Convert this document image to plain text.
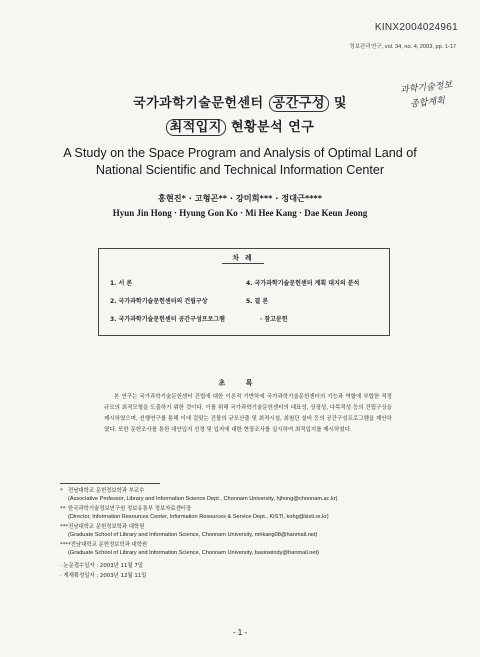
KINX2004024961
정보관리연구, vol. 34, no. 4, 2003, pp. 1-17
국가과학기술문헌센터 공간구성 및
최적입지 현황분석 연구
과학기술정보
종합계획
A Study on the Space Program and Analysis of Optimal Land of
National Scientific and Technical Information Center
홍현진* · 고형곤** · 강미희*** · 정대근****
Hyun Jin Hong · Hyung Gon Ko · Mi Hee Kang · Dae Keun Jeong
차 례
1. 서 론	4. 국가과학기술문헌센터 계획 대지의 분석
2. 국가과학기술문헌센터의 건립구상	5. 결 론
3. 국가과학기술문헌센터 공간구성프로그램	· 참고문헌
초 록
본 연구는 국가과학기술문헌센터 건립에 대한 이론적 기반하에 국가과학기술문헌센터의 기능과 역할에 부합한 적정규모의 최적모형을 도출하기 위한 것이다. 이를 위해 국가과학기술문헌센터의 대표성, 상징성, 다목적성 등의 건립구상을 제시하였으며, 선행연구를 통해 이에 걸맞는 건물의 규모산출 및 최적시설, 최첨단 설비 등의 공간구성프로그램을 제안하였다. 또한 문헌조사를 통한 대안입지 선정 및 입지에 대한 현장조사를 실시하여 최적입지를 제시하였다.
* 전남대학교 문헌정보학과 부교수
(Associative Professor, Library and Information Science Dept., Chonnam University, hjhong@chonnam.ac.kr)
** 한국과학기술정보연구원 정보유통부 정보자료센터장
(Director, Information Resources Center, Information Resources & Service Dept., KISTI, kohg@kisti.re.kr)
***전남대학교 문헌정보학과 대학원
(Graduate School of Library and Information Science, Chonnam University, mhkang08@hanmail.net)
****전남대학교 문헌정보학과 대학원
(Graduate School of Library and Information Science, Chonnam University, basiowindy@hanmail.net)
· 논문접수일자 : 2003년 11월 7일
· 게재확정일자 : 2003년 12월 11일
- 1 -
